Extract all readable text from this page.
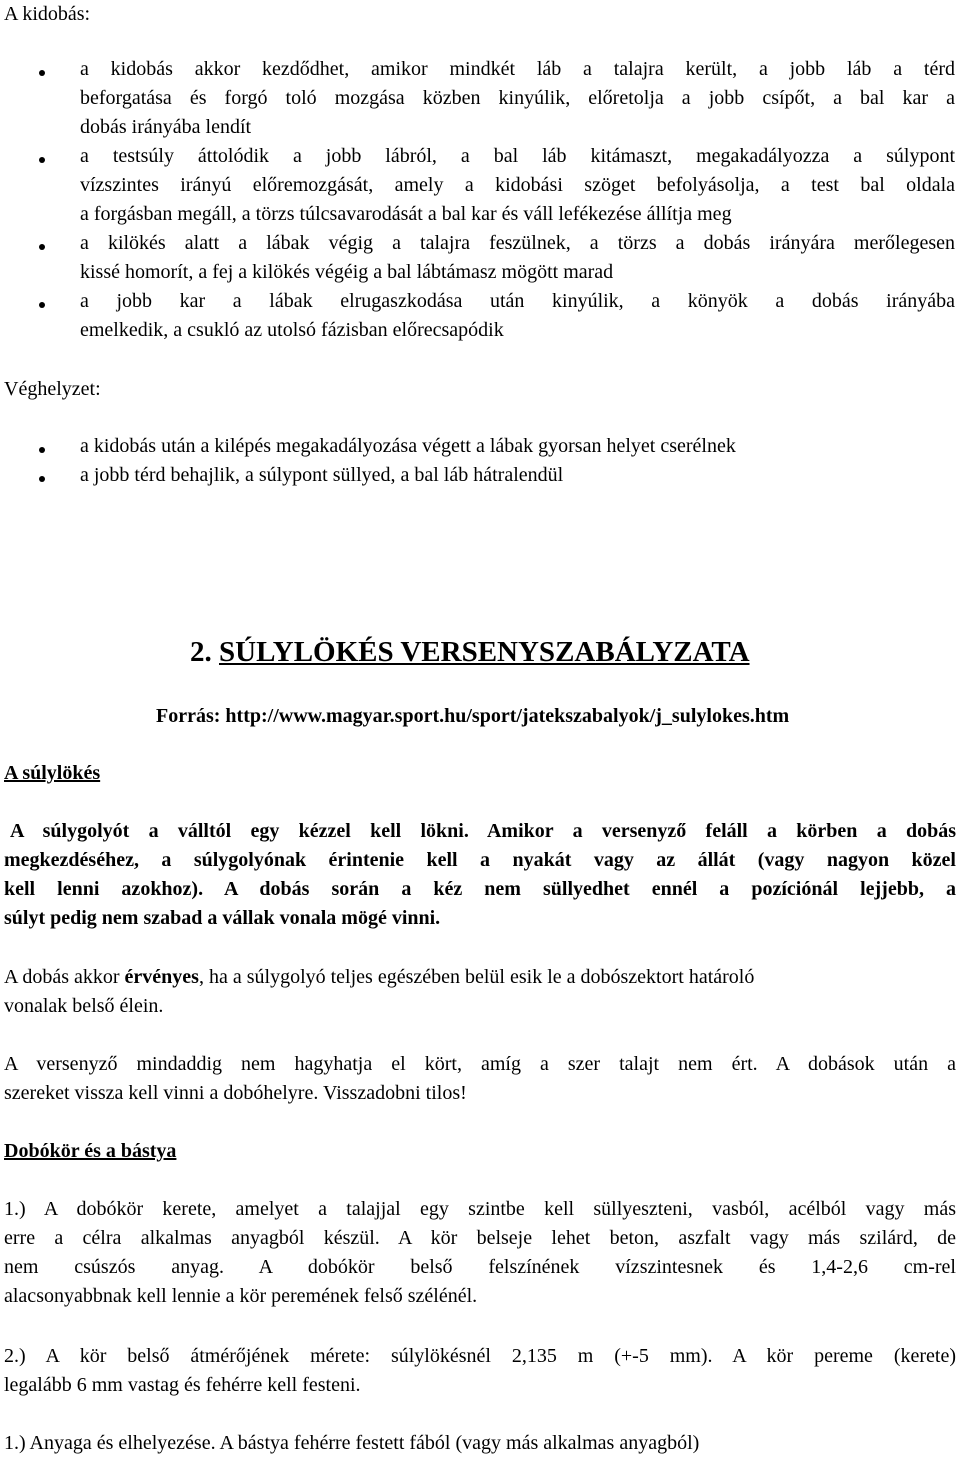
A kidobás:
a kidobás akkor kezdődhet, amikor mindkét láb a talajra került, a jobb láb a térd
beforgatása és forgó toló mozgása közben kinyúlik, előretolja a jobb csípőt, a bal kar a
dobás irányába lendít
a testsúly áttolódik a jobb lábról, a bal láb kitámaszt, megakadályozza a súlypont
vízszintes irányú előremozgását, amely a kidobási szöget befolyásolja, a test bal oldala
a forgásban megáll, a törzs túlcsavarodását a bal kar és váll lefékezése állítja meg
a kilökés alatt a lábak végig a talajra feszülnek, a törzs a dobás irányára merőlegesen
kissé homorít, a fej a kilökés végéig a bal lábtámasz mögött marad
a jobb kar a lábak elrugaszkodása után kinyúlik, a könyök a dobás irányába
emelkedik, a csukló az utolsó fázisban előrecsapódik
Véghelyzet:
a kidobás után a kilépés megakadályozása végett a lábak gyorsan helyet cserélnek
a jobb térd behajlik, a súlypont süllyed, a bal láb hátralendül
2. SÚLYLÖKÉS VERSENYSZABÁLYZATA
Forrás: http://www.magyar.sport.hu/sport/jatekszabalyok/j_sulylokes.htm
A súlylökés
A súlygolyót a válltól egy kézzel kell lökni. Amikor a versenyző feláll a körben a dobás
megkezdéséhez, a súlygolyónak érintenie kell a nyakát vagy az állát (vagy nagyon közel
kell lenni azokhoz). A dobás során a kéz nem süllyedhet ennél a pozíciónál lejjebb, a
súlyt pedig nem szabad a vállak vonala mögé vinni.
A dobás akkor érvényes, ha a súlygolyó teljes egészében belül esik le a dobószektort határoló
vonalak belső élein.
A versenyző mindaddig nem hagyhatja el kört, amíg a szer talajt nem ért. A dobások után a
szereket vissza kell vinni a dobóhelyre. Visszadobni tilos!
Dobókör és a bástya
1.) A dobókör kerete, amelyet a talajjal egy szintbe kell süllyeszteni, vasból, acélból vagy más
erre a célra alkalmas anyagból készül. A kör belseje lehet beton, aszfalt vagy más szilárd, de
nem csúszós anyag. A dobókör belső felszínének vízszintesnek és 1,4-2,6 cm-rel
alacsonyabbnak kell lennie a kör peremének felső szélénél.
2.) A kör belső átmérőjének mérete: súlylökésnél 2,135 m (+-5 mm). A kör pereme (kerete)
legalább 6 mm vastag és fehérre kell festeni.
1.) Anyaga és elhelyezése. A bástya fehérre festett fából (vagy más alkalmas anyagból)
